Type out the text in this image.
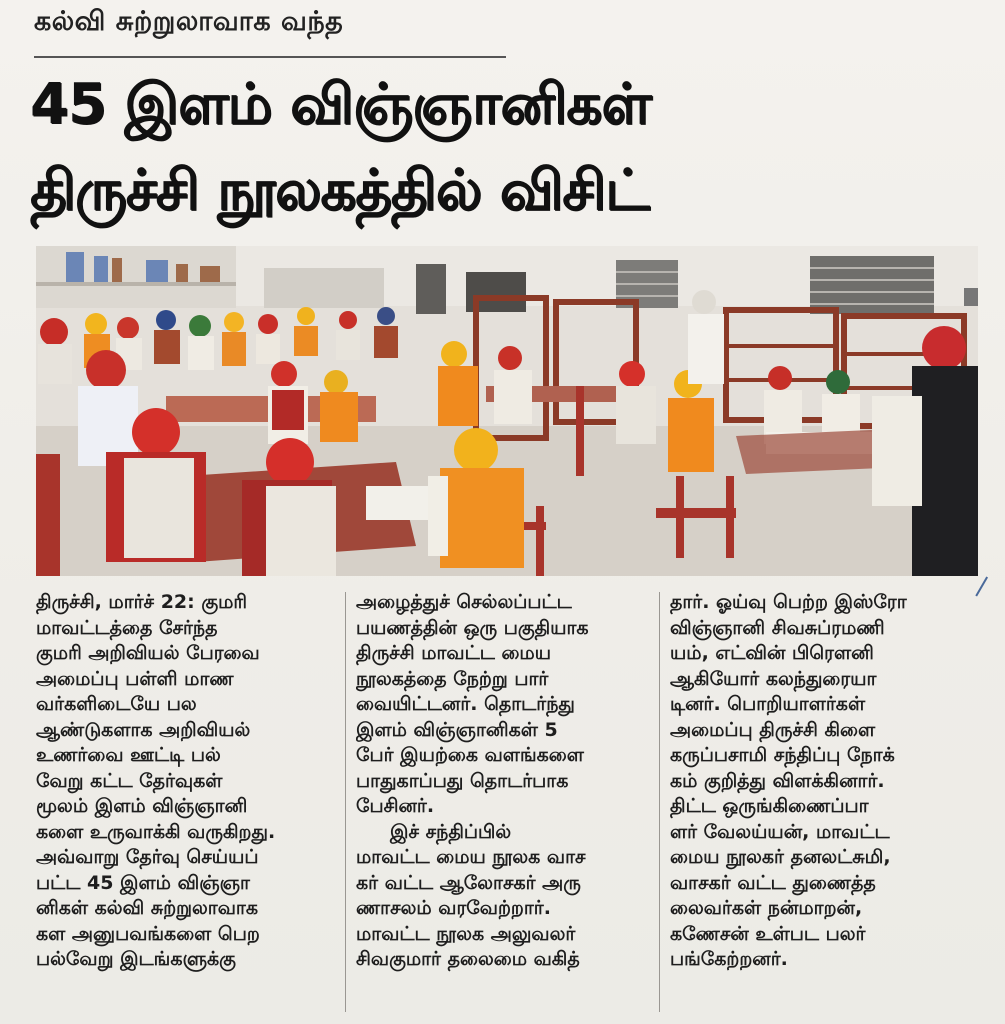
கல்வி சுற்றுலாவாக வந்த
45 இளம் விஞ்ஞானிகள்
திருச்சி நூலகத்தில் விசிட்
திருச்சி, மார்ச் 22: குமரி
மாவட்டத்தை சேர்ந்த
குமரி அறிவியல் பேரவை
அமைப்பு பள்ளி மாண
வர்களிடையே பல
ஆண்டுகளாக அறிவியல்
உணர்வை ஊட்டி பல்
வேறு கட்ட தேர்வுகள்
மூலம் இளம் விஞ்ஞானி
களை உருவாக்கி வருகிறது.
அவ்வாறு தேர்வு செய்யப்
பட்ட 45 இளம் விஞ்ஞா
னிகள் கல்வி சுற்றுலாவாக
கள அனுபவங்களை பெற
பல்வேறு இடங்களுக்கு
அழைத்துச் செல்லப்பட்ட
பயணத்தின் ஒரு பகுதியாக
திருச்சி மாவட்ட மைய
நூலகத்தை நேற்று பார்
வையிட்டனர். தொடர்ந்து
இளம் விஞ்ஞானிகள் 5
பேர் இயற்கை வளங்களை
பாதுகாப்பது தொடர்பாக
பேசினர்.
இச் சந்திப்பில்
மாவட்ட மைய நூலக வாச
கர் வட்ட ஆலோசகர் அரு
ணாசலம் வரவேற்றார்.
மாவட்ட நூலக அலுவலர்
சிவகுமார் தலைமை வகித்
தார். ஓய்வு பெற்ற இஸ்ரோ
விஞ்ஞானி சிவசுப்ரமணி
யம், எட்வின் பிரௌனி
ஆகியோர் கலந்துரையா
டினர். பொறியாளர்கள்
அமைப்பு திருச்சி கிளை
கருப்பசாமி சந்திப்பு நோக்
கம் குறித்து விளக்கினார்.
திட்ட ஒருங்கிணைப்பா
ளர் வேலய்யன், மாவட்ட
மைய நூலகர் தனலட்சுமி,
வாசகர் வட்ட துணைத்த
லைவர்கள் நன்மாறன்,
கணேசன் உள்பட பலர்
பங்கேற்றனர்.
